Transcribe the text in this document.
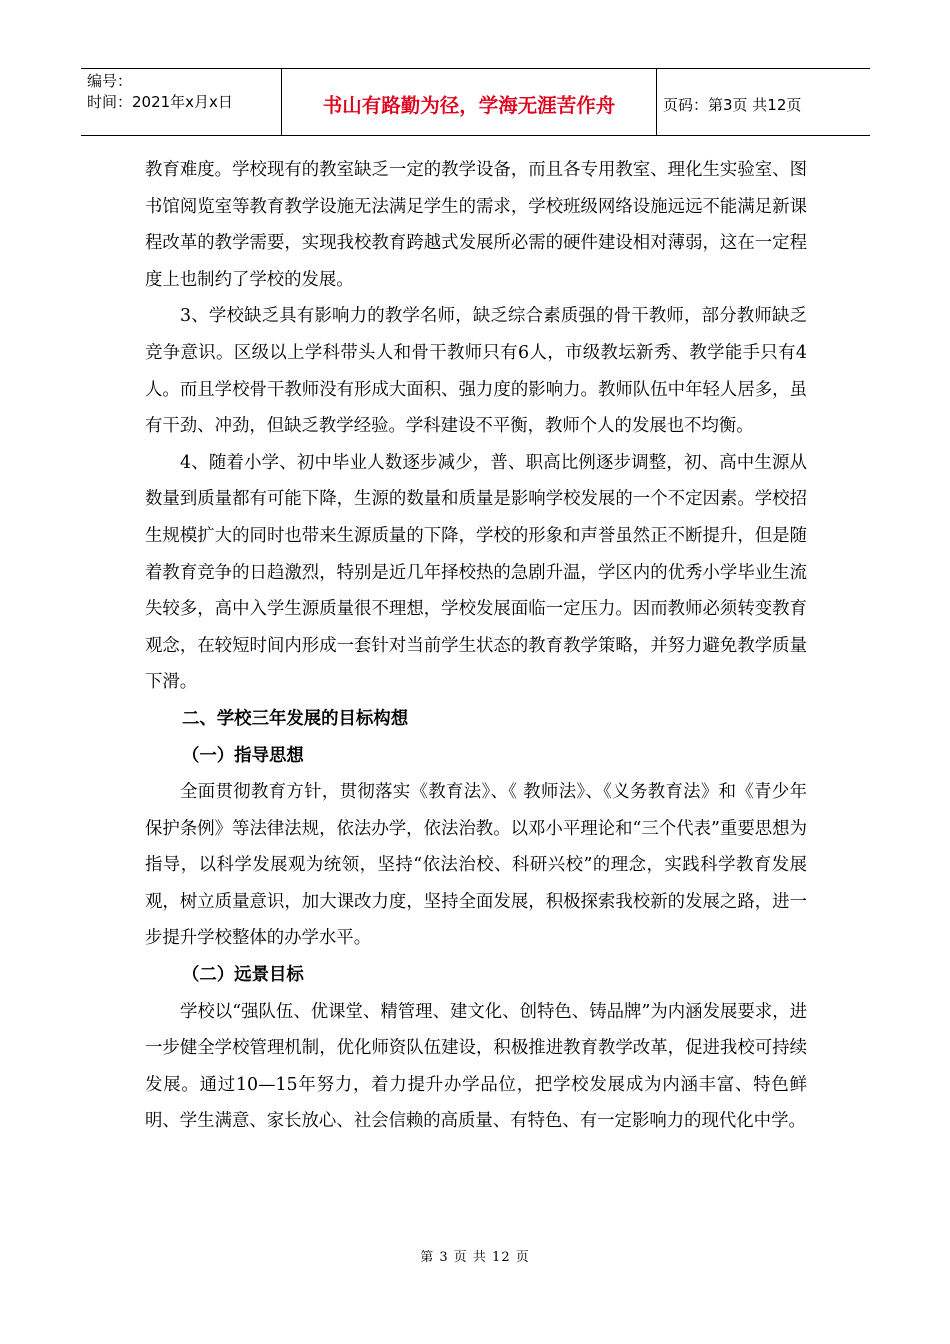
编号：
时间：2021年x月x日	书山有路勤为径，学海无涯苦作舟	页码：第3页 共12页

教育难度。学校现有的教室缺乏一定的教学设备，而且各专用教室、理化生实验室、图书馆阅览室等教育教学设施无法满足学生的需求，学校班级网络设施远远不能满足新课程改革的教学需要，实现我校教育跨越式发展所必需的硬件建设相对薄弱，这在一定程度上也制约了学校的发展。

3、学校缺乏具有影响力的教学名师，缺乏综合素质强的骨干教师，部分教师缺乏竞争意识。区级以上学科带头人和骨干教师只有6人，市级教坛新秀、教学能手只有4人。而且学校骨干教师没有形成大面积、强力度的影响力。教师队伍中年轻人居多，虽有干劲、冲劲，但缺乏教学经验。学科建设不平衡，教师个人的发展也不均衡。

4、随着小学、初中毕业人数逐步减少，普、职高比例逐步调整，初、高中生源从数量到质量都有可能下降，生源的数量和质量是影响学校发展的一个不定因素。学校招生规模扩大的同时也带来生源质量的下降，学校的形象和声誉虽然正不断提升，但是随着教育竞争的日趋激烈，特别是近几年择校热的急剧升温，学区内的优秀小学毕业生流失较多，高中入学生源质量很不理想，学校发展面临一定压力。因而教师必须转变教育观念，在较短时间内形成一套针对当前学生状态的教育教学策略，并努力避免教学质量下滑。

二、学校三年发展的目标构想
（一）指导思想

全面贯彻教育方针，贯彻落实《教育法》、《 教师法》、《义务教育法》和《青少年保护条例》等法律法规，依法办学，依法治教。以邓小平理论和“三个代表”重要思想为指导，以科学发展观为统领，坚持“依法治校、科研兴校”的理念，实践科学教育发展观，树立质量意识，加大课改力度，坚持全面发展，积极探索我校新的发展之路，进一步提升学校整体的办学水平。

（二）远景目标

学校以“强队伍、优课堂、精管理、建文化、创特色、铸品牌”为内涵发展要求，进一步健全学校管理机制，优化师资队伍建设，积极推进教育教学改革，促进我校可持续发展。通过10—15年努力，着力提升办学品位，把学校发展成为内涵丰富、特色鲜明、学生满意、家长放心、社会信赖的高质量、有特色、有一定影响力的现代化中学。

第 3 页 共 12 页
